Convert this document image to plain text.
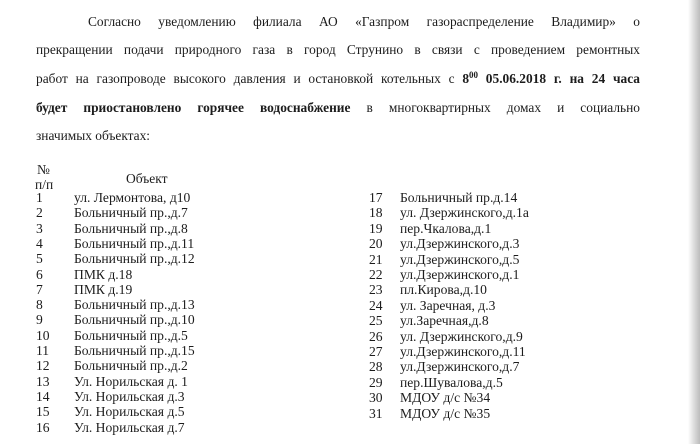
Согласно уведомлению филиала АО «Газпром газораспределение Владимир» о
прекращении подачи природного газа в город Струнино в связи с проведением ремонтных
работ на газопроводе высокого давления и остановкой котельных с $8^{00}$ 05.06.2018 г. на 24 часа
будет приостановлено горячее водоснабжение в многоквартирных домах и социально
значимых объектах:
№
п/п	Объект
1 ул. Лермонтова, д10
2 Больничный пр.,д.7
3 Больничный пр.,д.8
4 Больничный пр.,д.11
5 Больничный пр.,д.12
6 ПМК д.18
7 ПМК д.19
8 Больничный пр.,д.13
9 Больничный пр.,д.10
10 Больничный пр.,д.5
11 Больничный пр.,д.15
12 Больничный пр.,д.2
13 Ул. Норильская д. 1
14 Ул. Норильская д.3
15 Ул. Норильская д.5
16 Ул. Норильская д.7
17 Больничный пр.д.14
18 ул. Дзержинского,д.1а
19 пер.Чкалова,д.1
20 ул.Дзержинского,д.3
21 ул.Дзержинского,д.5
22 ул.Дзержинского,д.1
23 пл.Кирова,д.10
24 ул. Заречная, д.3
25 ул.Заречная,д.8
26 ул. Дзержинского,д.9
27 ул.Дзержинского,д.11
28 ул.Дзержинского,д.7
29 пер.Шувалова,д.5
30 МДОУ д/с №34
31 МДОУ д/с №35
